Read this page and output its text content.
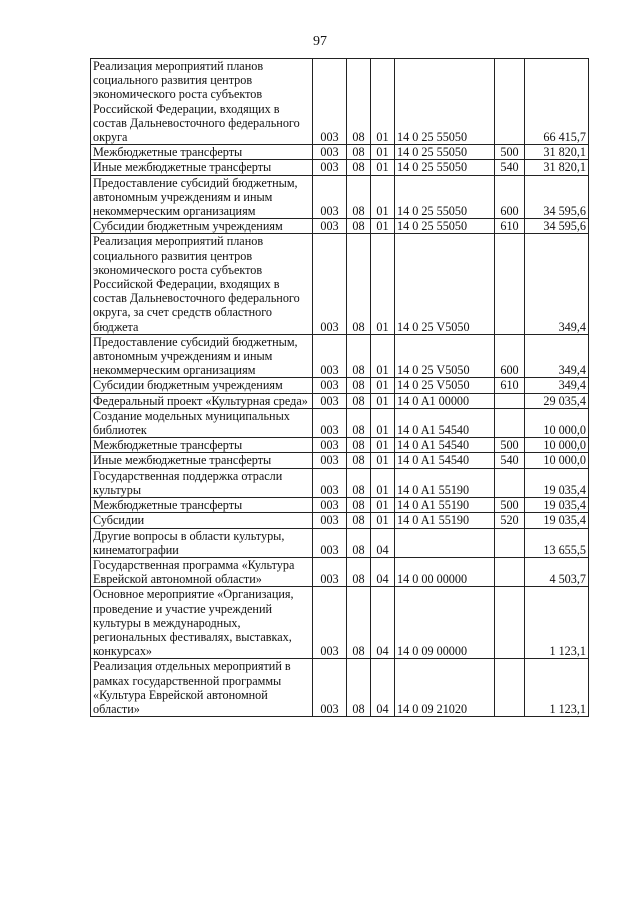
97
Реализация мероприятий планов социального развития центров экономического роста субъектов Российской Федерации, входящих в состав Дальневосточного федерального округа	003	08	01	14 0 25 55050		66 415,7
Межбюджетные трансферты	003	08	01	14 0 25 55050	500	31 820,1
Иные межбюджетные трансферты	003	08	01	14 0 25 55050	540	31 820,1
Предоставление субсидий бюджетным, автономным учреждениям и иным некоммерческим организациям	003	08	01	14 0 25 55050	600	34 595,6
Субсидии бюджетным учреждениям	003	08	01	14 0 25 55050	610	34 595,6
Реализация мероприятий планов социального развития центров экономического роста субъектов Российской Федерации, входящих в состав Дальневосточного федерального округа, за счет средств областного бюджета	003	08	01	14 0 25 V5050		349,4
Предоставление субсидий бюджетным, автономным учреждениям и иным некоммерческим организациям	003	08	01	14 0 25 V5050	600	349,4
Субсидии бюджетным учреждениям	003	08	01	14 0 25 V5050	610	349,4
Федеральный проект «Культурная среда»	003	08	01	14 0 A1 00000		29 035,4
Создание модельных муниципальных библиотек	003	08	01	14 0 A1 54540		10 000,0
Межбюджетные трансферты	003	08	01	14 0 A1 54540	500	10 000,0
Иные межбюджетные трансферты	003	08	01	14 0 A1 54540	540	10 000,0
Государственная поддержка отрасли культуры	003	08	01	14 0 A1 55190		19 035,4
Межбюджетные трансферты	003	08	01	14 0 A1 55190	500	19 035,4
Субсидии	003	08	01	14 0 A1 55190	520	19 035,4
Другие вопросы в области культуры, кинематографии	003	08	04			13 655,5
Государственная программа «Культура Еврейской автономной области»	003	08	04	14 0 00 00000		4 503,7
Основное мероприятие «Организация, проведение и участие учреждений культуры в международных, региональных фестивалях, выставках, конкурсах»	003	08	04	14 0 09 00000		1 123,1
Реализация отдельных мероприятий в рамках государственной программы «Культура Еврейской автономной области»	003	08	04	14 0 09 21020		1 123,1
